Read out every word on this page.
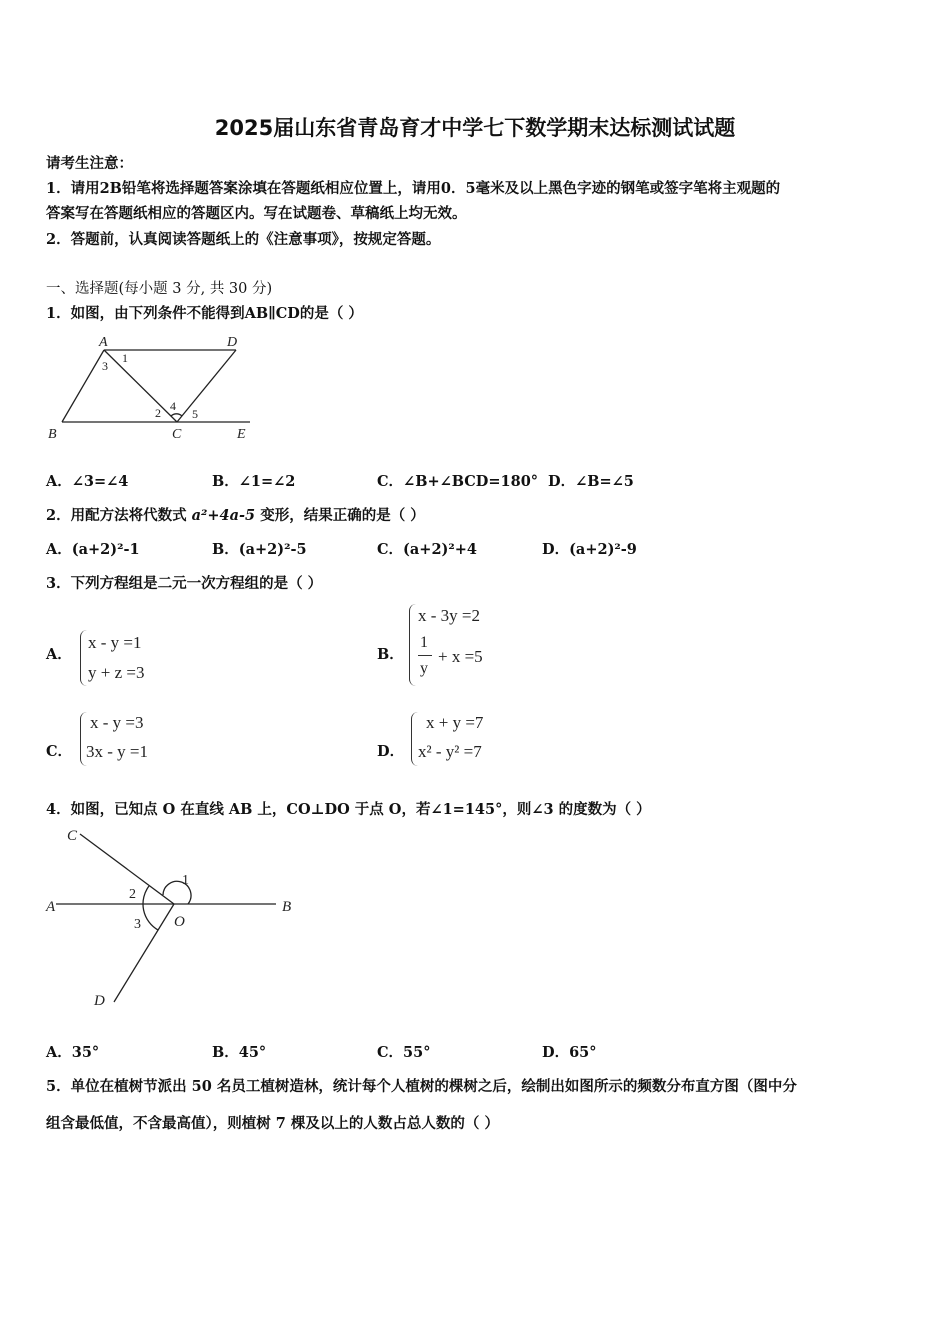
2025届山东省青岛育才中学七下数学期末达标测试试题
请考生注意：
1．请用2B铅笔将选择题答案涂填在答题纸相应位置上，请用0．5毫米及以上黑色字迹的钢笔或签字笔将主观题的
答案写在答题纸相应的答题区内。写在试题卷、草稿纸上均无效。
2．答题前，认真阅读答题纸上的《注意事项》，按规定答题。
一、选择题(每小题 3 分, 共 30 分)
1．如图，由下列条件不能得到AB∥CD的是（ ）
A	D
B	C	E
1
3
2 4
5
A．∠3=∠4	B．∠1=∠2	C．∠B+∠BCD=180° D．∠B=∠5
2．用配方法将代数式 a²+4a-5 变形，结果正确的是（ ）
A．(a+2)²-1	B．(a+2)²-5	C．(a+2)²+4	D．(a+2)²-9
3．下列方程组是二元一次方程组的是（ ）
A．
x - y =1
y + z =3
B．
x - 3y =2
1
y
+ x =5
C．
x - y =3
3x - y =1	D．
x + y =7
x² - y² =7
4．如图，已知点 O 在直线 AB 上，CO⊥DO 于点 O，若∠1=145°，则∠3 的度数为（ ）
C
A
O
B
D
2
1
3
A．35°	B．45°	C．55°	D．65°
5．单位在植树节派出 50 名员工植树造林，统计每个人植树的棵树之后，绘制出如图所示的频数分布直方图（图中分
组含最低值，不含最高值），则植树 7 棵及以上的人数占总人数的（ ）
